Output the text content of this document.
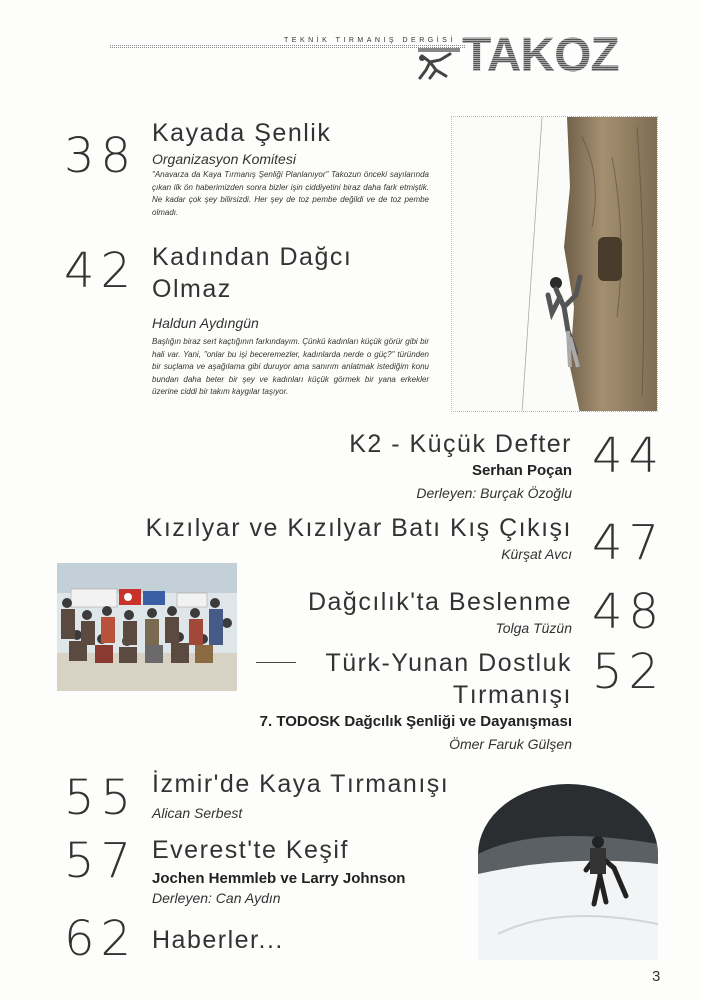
TEKNİK TIRMANIŞ DERGİSİ TAKOZ
38 Kayada Şenlik
Organizasyon Komitesi
"Anavarza da Kaya Tırmanış Şenliği Planlanıyor" Takozun önceki sayılarında çıkan ilk ön haberimizden sonra bizler işin ciddiyetini biraz daha fark etmiştik. Ne kadar çok şey bilirsizdi. Her şey de toz pembe değildi ve de toz pembe olmadı.
42 Kadından Dağcı
Olmaz
Haldun Aydıngün
Başlığın biraz sert kaçtığının farkındayım. Çünkü kadınları küçük görür gibi bir hali var. Yani, "onlar bu işi beceremezler, kadınlarda nerde o güç?" türünden bir suçlama ve aşağılama gibi duruyor ama sanırım anlatmak istediğim konu bundan daha beter bir şey ve kadınları küçük görmek bir yana erkekler üzerine ciddi bir takım kaygılar taşıyor.
K2 - Küçük Defter 44
Serhan Poçan
Derleyen: Burçak Özoğlu
Kızılyar ve Kızılyar Batı Kış Çıkışı 47
Kürşat Avcı
Dağcılık'ta Beslenme 48
Tolga Tüzün
Türk-Yunan Dostluk
Tırmanışı 52
7. TODOSK Dağcılık Şenliği ve Dayanışması
Ömer Faruk Gülşen
55 İzmir'de Kaya Tırmanışı
Alican Serbest
57 Everest'te Keşif
Jochen Hemmleb ve Larry Johnson
Derleyen: Can Aydın
62 Haberler...
3
